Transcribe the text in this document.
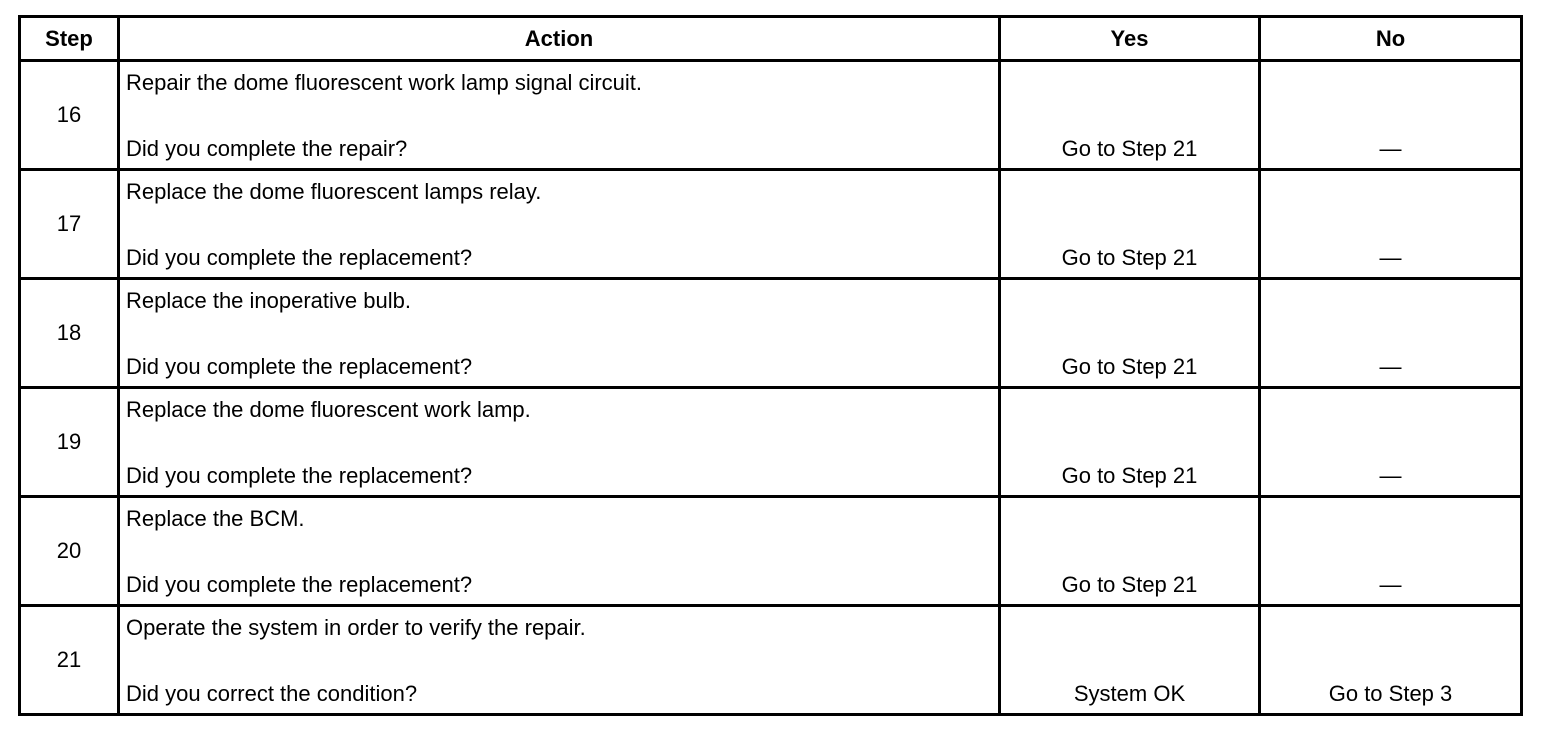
Step	Action	Yes	No
16	Repair the dome fluorescent work lamp signal circuit.
Did you complete the repair?	Go to Step 21	—

17	Replace the dome fluorescent lamps relay.
Did you complete the replacement?	Go to Step 21	—

18	Replace the inoperative bulb.
Did you complete the replacement?	Go to Step 21	—

19	Replace the dome fluorescent work lamp.
Did you complete the replacement?	Go to Step 21	—

20	Replace the BCM.
Did you complete the replacement?	Go to Step 21	—

21	Operate the system in order to verify the repair.
Did you correct the condition?	System OK	Go to Step 3
